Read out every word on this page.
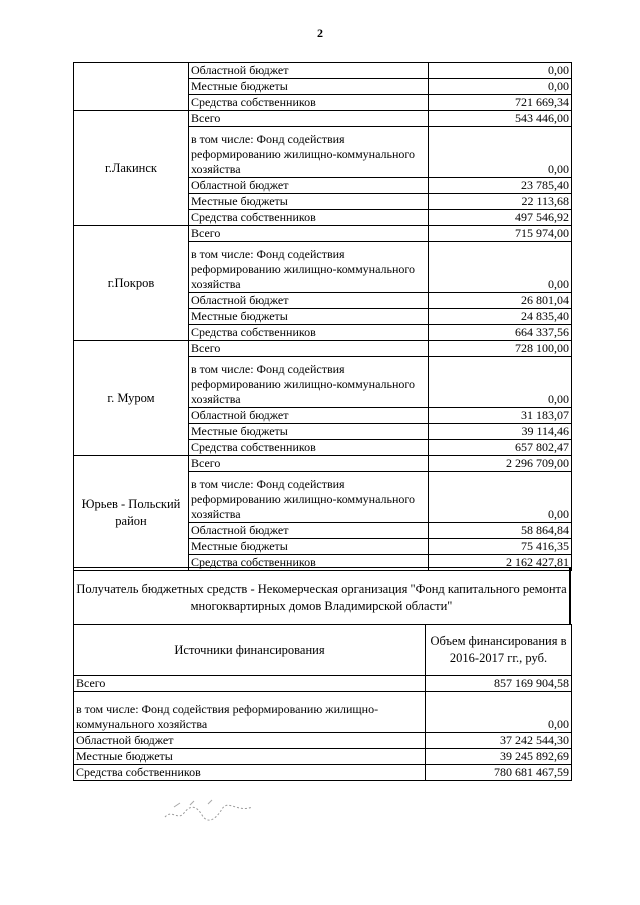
2
	Областной бюджет	0,00
	Местные бюджеты	0,00
	Средства собственников	721 669,34
г.Лакинск	Всего	543 446,00
	в том числе: Фонд содействия реформированию жилищно-коммунального хозяйства	0,00
	Областной бюджет	23 785,40
	Местные бюджеты	22 113,68
	Средства собственников	497 546,92
г.Покров	Всего	715 974,00
	в том числе: Фонд содействия реформированию жилищно-коммунального хозяйства	0,00
	Областной бюджет	26 801,04
	Местные бюджеты	24 835,40
	Средства собственников	664 337,56
г. Муром	Всего	728 100,00
	в том числе: Фонд содействия реформированию жилищно-коммунального хозяйства	0,00
	Областной бюджет	31 183,07
	Местные бюджеты	39 114,46
	Средства собственников	657 802,47
Юрьев - Польский район	Всего	2 296 709,00
	в том числе: Фонд содействия реформированию жилищно-коммунального хозяйства	0,00
	Областной бюджет	58 864,84
	Местные бюджеты	75 416,35
	Средства собственников	2 162 427,81
Получатель бюджетных средств - Некомерческая организация "Фонд капитального ремонта многоквартирных домов Владимирской области"
Источники финансирования	Объем финансирования в 2016-2017 гг., руб.
Всего	857 169 904,58
в том числе: Фонд содействия реформированию жилищно-коммунального хозяйства	0,00
Областной бюджет	37 242 544,30
Местные бюджеты	39 245 892,69
Средства собственников	780 681 467,59
